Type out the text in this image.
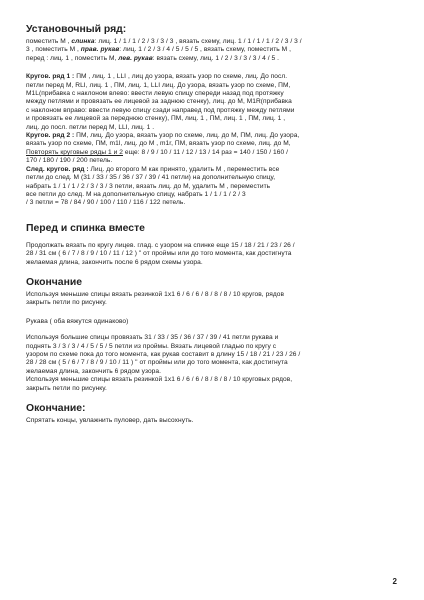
Установочный ряд:

поместить М , слинка: лиц. 1 / 1 / 1 / 2 / 3 / 3 / 3 , вязать схему, лиц. 1 / 1 / 1 / 1 / 2 / 3 / 3 /
3 , поместить М , прав. рукав: лиц. 1 / 2 / 3 / 4 / 5 / 5 / 5 , вязать схему, поместить М ,
перед : лиц. 1 , поместить М, лев. рукав: вязать схему, лиц. 1 / 2 / 3 / 3 / 3 / 4 / 5 .

Кругов. ряд 1 : ПМ , лиц. 1 , LLI , лиц до узора, вязать узор по схеме, лиц. До посл.
петли перед М, RLI, лиц. 1 , ПМ, лиц. 1, LLI лиц. До узора, вязать узор по схеме, ПМ,
M1L(прибавка с наклоном влево: ввести левую спицу спереди назад под протяжку
между петлями и провязать ее лицевой за заднюю стенку), лиц. до М, M1R(прибавка
с наклоном вправо: ввести левую спицу сзади направед под протяжку между петлями
и провязать ее лицевой за переднюю стенку), ПМ, лиц. 1 , ПМ, лиц. 1 , ПМ, лиц. 1 ,
лиц. до посл. петли перед М, LLI, лиц. 1 .
Кругов. ряд 2 : ПМ, лиц. До узора, вязать узор по схеме, лиц. до М, ПМ, лиц. До узора,
вязать узор по схеме, ПМ, m1l, лиц. до М , m1r, ПМ, вязать узор по схеме, лиц. до М,
Повторять круговые ряды 1 и 2 еще: 8 / 9 / 10 / 11 / 12 / 13 / 14 раз = 140 / 150 / 160 /
170 / 180 / 190 / 200 петель.
След. кругов. ряд : Лиц. до второго М как принято, удалить М , переместить все
петли до след. М (31 / 33 / 35 / 36 / 37 / 39 / 41 петли) на дополнительную спицу,
набрать 1 / 1 / 1 / 2 / 3 / 3 / 3 петли, вязать лиц. до М, удалить М , переместить
все петли до след. М на дополнительную спицу, набрать 1 / 1 / 1 / 2 / 3
/ 3 петли = 78 / 84 / 90 / 100 / 110 / 116 / 122 петель.

Перед и спинка вместе

Продолжать вязать по кругу лицев. глад. с узором на спинке еще 15 / 18 / 21 / 23 / 26 /
28 / 31 см ( 6 / 7 / 8 / 9 / 10 / 11 / 12 ) " от проймы или до того момента, как достигнута
желаемая длина, закончить после 6 рядом схемы узора.

Окончание

Используя меньшие спицы вязать резинкой 1х1 6 / 6 / 6 / 8 / 8 / 8 / 10 кругов, рядов
закрыть петли по рисунку.

Рукава ( оба вяжутся одинаково)

Используя большие спицы провязать 31 / 33 / 35 / 36 / 37 / 39 / 41 петли рукава и
поднять 3 / 3 / 3 / 4 / 5 / 5 / 5 петли из проймы. Вязать лицевой гладью по кругу с
узором по схеме пока до того момента, как рукав составит в длину 15 / 18 / 21 / 23 / 26 /
28 / 28 см ( 5 / 6 / 7 / 8 / 9 / 10 / 11 ) " от проймы или до того момента, как достигнута
желаемая длина, закончить 6 рядом узора.
Используя меньшие спицы вязать резинкой 1х1 6 / 6 / 6 / 8 / 8 / 8 / 10 круговых рядов,
закрыть петли по рисунку.

Окончание:

Спрятать концы, увлажнить пуловер, дать высохнуть.

2
